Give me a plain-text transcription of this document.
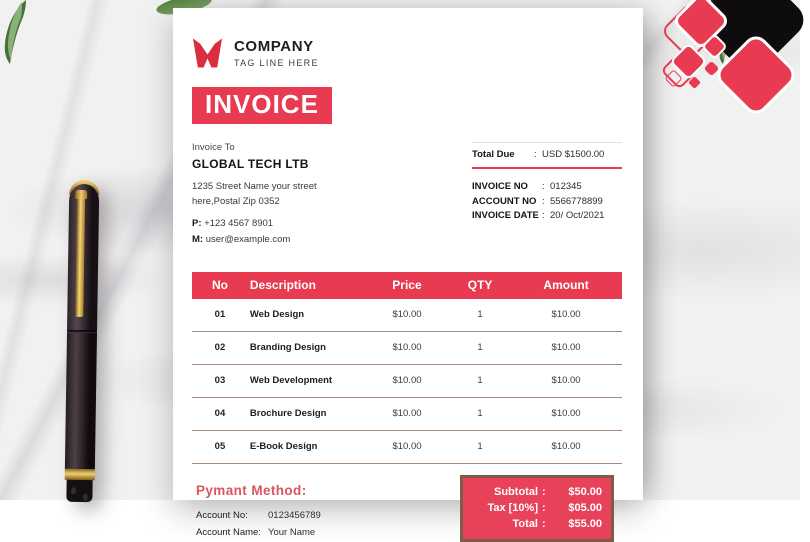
COMPANY
TAG LINE HERE
INVOICE
Invoice To
GLOBAL TECH LTB
1235 Street Name your street
here,Postal Zip 0352
P: +123 4567 8901
M: user@example.com
Total Due	: USD $1500.00
INVOICE NO	: 012345
ACCOUNT NO : 5566778899
INVOICE DATE : 20/ Oct/2021
No	Description	Price	QTY	Amount
01	Web Design	$10.00	1	$10.00
02	Branding Design	$10.00	1	$10.00
03	Web Development	$10.00	1	$10.00
04	Brochure Design	$10.00	1	$10.00
05	E-Book Design	$10.00	1	$10.00
Pymant Method:
Account No:	0123456789
Account Name: Your Name
Subtotal :	$50.00
Tax [10%] :	$05.00
Total :	$55.00
